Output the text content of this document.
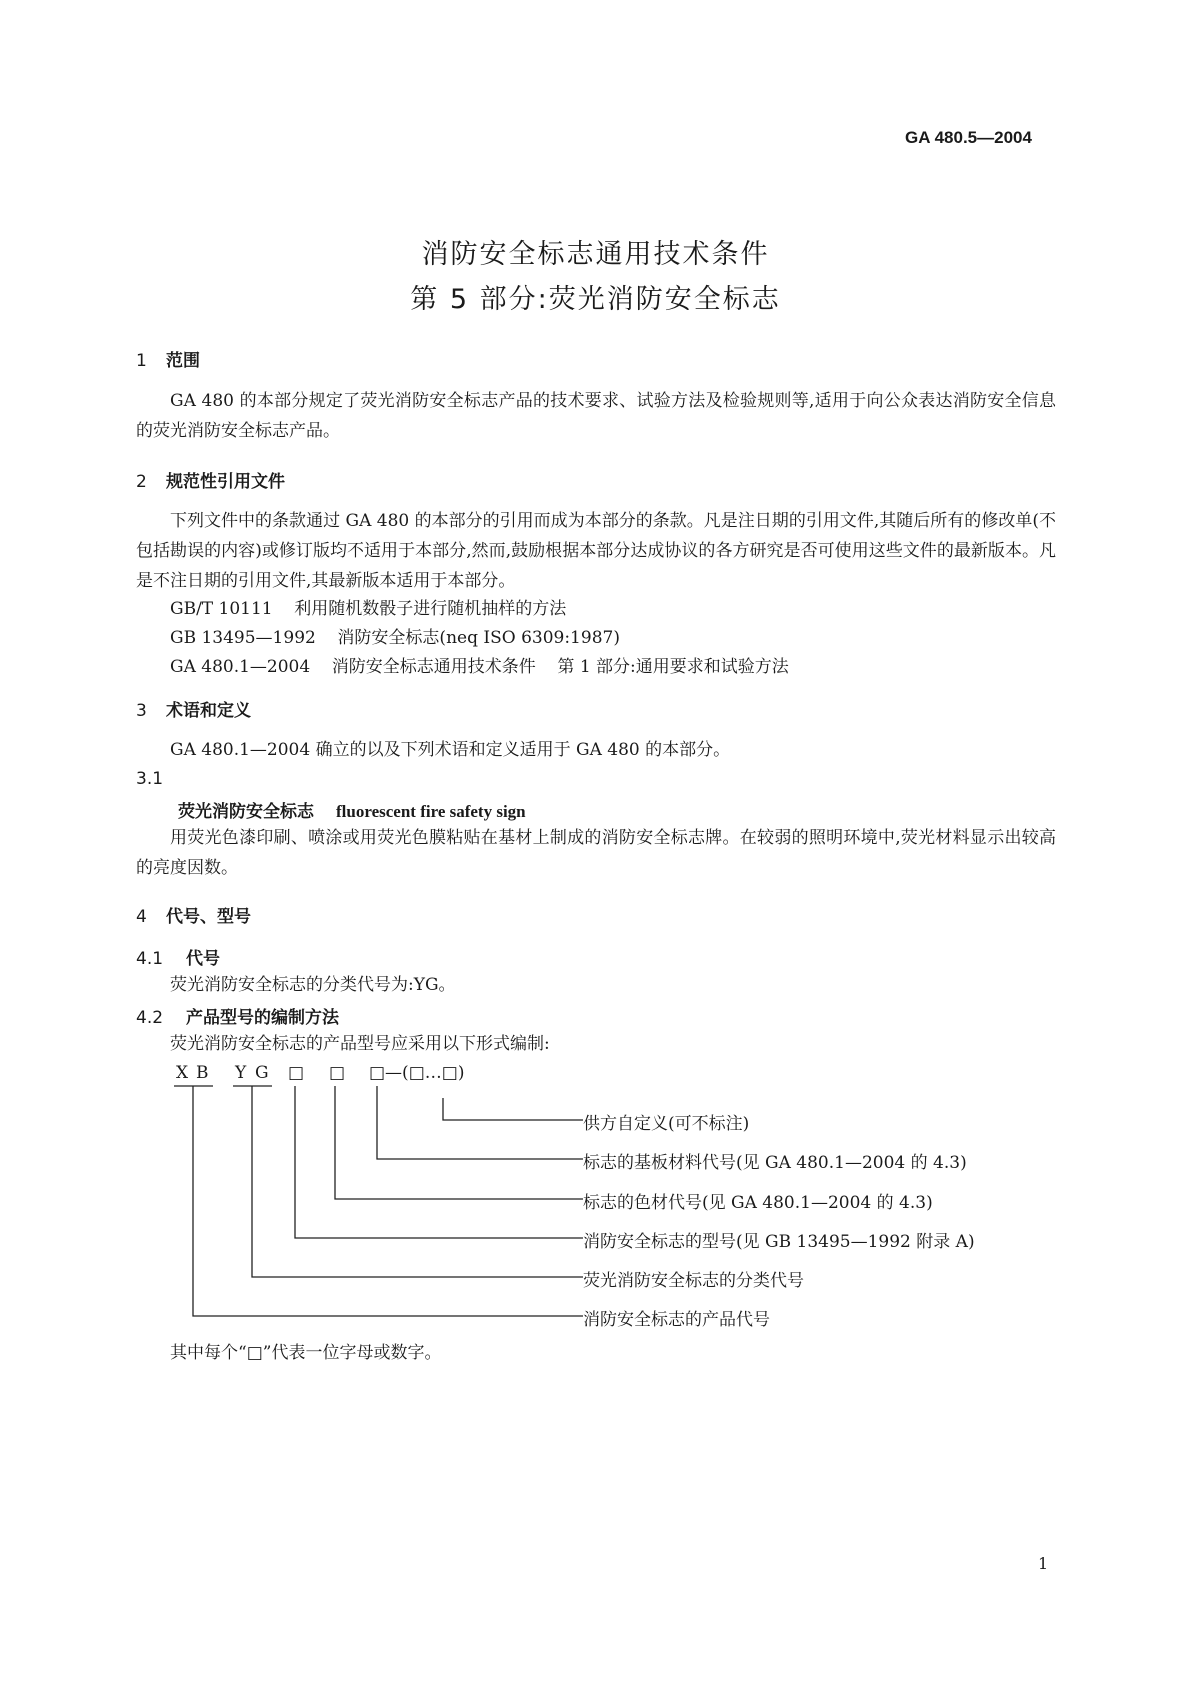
GA 480.5—2004
消防安全标志通用技术条件
第 5 部分:荧光消防安全标志
1 范围
GA 480 的本部分规定了荧光消防安全标志产品的技术要求、试验方法及检验规则等,适用于向公众表达消防安全信息的荧光消防安全标志产品。
2 规范性引用文件
下列文件中的条款通过 GA 480 的本部分的引用而成为本部分的条款。凡是注日期的引用文件,其随后所有的修改单(不包括勘误的内容)或修订版均不适用于本部分,然而,鼓励根据本部分达成协议的各方研究是否可使用这些文件的最新版本。凡是不注日期的引用文件,其最新版本适用于本部分。
GB/T 10111    利用随机数骰子进行随机抽样的方法
GB 13495—1992    消防安全标志(neq ISO 6309:1987)
GA 480.1—2004    消防安全标志通用技术条件    第 1 部分:通用要求和试验方法
3 术语和定义
GA 480.1—2004 确立的以及下列术语和定义适用于 GA 480 的本部分。
3.1
荧光消防安全标志 fluorescent fire safety sign
用荧光色漆印刷、喷涂或用荧光色膜粘贴在基材上制成的消防安全标志牌。在较弱的照明环境中,荧光材料显示出较高的亮度因数。
4 代号、型号
4.1 代号
荧光消防安全标志的分类代号为:YG。
4.2 产品型号的编制方法
荧光消防安全标志的产品型号应采用以下形式编制:
X B Y G □ □ □—(□…□)
供方自定义(可不标注)
标志的基板材料代号(见 GA 480.1—2004 的 4.3)
标志的色材代号(见 GA 480.1—2004 的 4.3)
消防安全标志的型号(见 GB 13495—1992 附录 A)
荧光消防安全标志的分类代号
消防安全标志的产品代号
其中每个“□”代表一位字母或数字。
1
